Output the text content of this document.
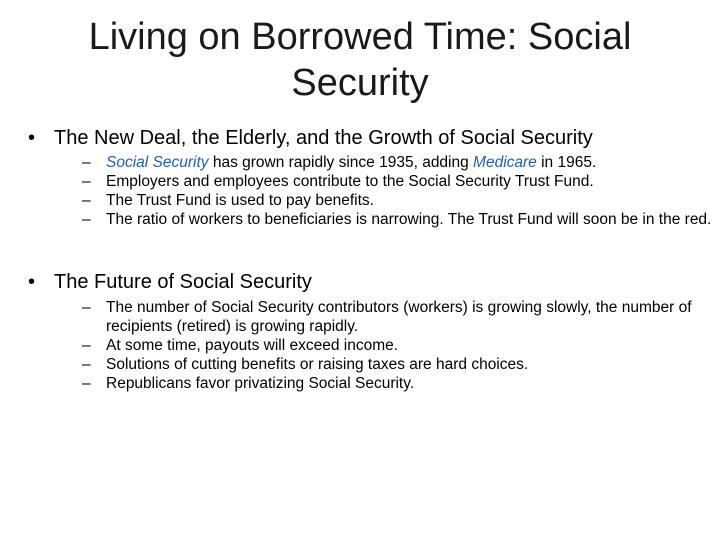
Living on Borrowed Time: Social Security
• The New Deal, the Elderly, and the Growth of Social Security
– Social Security has grown rapidly since 1935, adding Medicare in 1965.
– Employers and employees contribute to the Social Security Trust Fund.
– The Trust Fund is used to pay benefits.
– The ratio of workers to beneficiaries is narrowing. The Trust Fund will soon be in the red.
• The Future of Social Security
– The number of Social Security contributors (workers) is growing slowly, the number of recipients (retired) is growing rapidly.
– At some time, payouts will exceed income.
– Solutions of cutting benefits or raising taxes are hard choices.
– Republicans favor privatizing Social Security.
